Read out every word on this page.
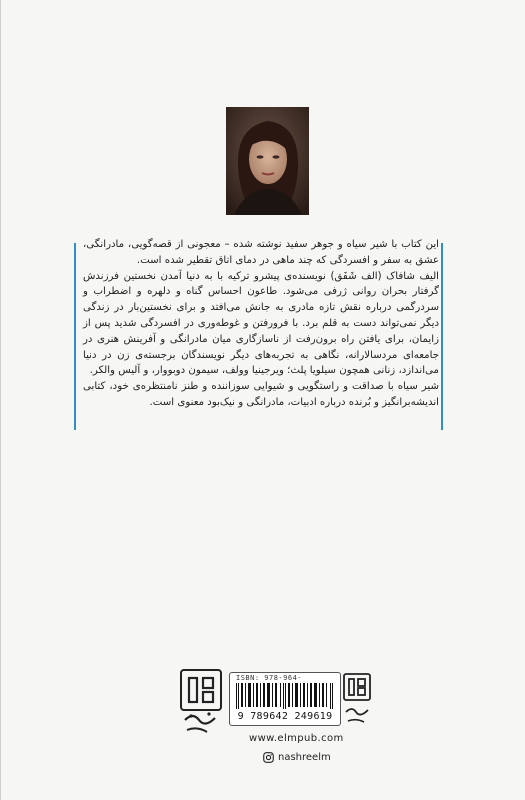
این کتاب با شیر سیاه و جوهر سفید نوشته شده – معجونی از قصه‌گویی، مادرانگی، عشق به سفر و افسردگی که چند ماهی در دمای اتاق تقطیر شده است.

الیف شافاک (الف شَفَق) نویسنده‌ی پیشرو ترکیه با به دنیا آمدن نخستین فرزندش گرفتار بحران روانی ژرفی می‌شود. طاعون احساس گناه و دلهره و اضطراب و سردرگمی درباره نقش تازه مادری به جانش می‌افتد و برای نخستین‌بار در زندگی دیگر نمی‌تواند دست به قلم برد. با فرورفتن و غوطه‌وری در افسردگی شدید پس از زایمان، برای یافتن راه برون‌رفت از ناسازگاری میان مادرانگی و آفرینش هنری در جامعه‌ای مردسالارانه، نگاهی به تجربه‌های دیگر نویسندگان برجسته‌ی زن در دنیا می‌اندازد، زنانی همچون سیلویا پلث؛ ویرجینیا وولف، سیمون دوبووار، و آلیس والکر.

شیر سیاه با صداقت و راستگویی و شیوایی سوزاننده و طنز نامنتظره‌ی خود، کتابی اندیشه‌برانگیز و بُرنده درباره ادبیات، مادرانگی و نیک‌بود معنوی است.

ISBN: 978-964-
9 789642 249619
www.elmpub.com
nashreelm
